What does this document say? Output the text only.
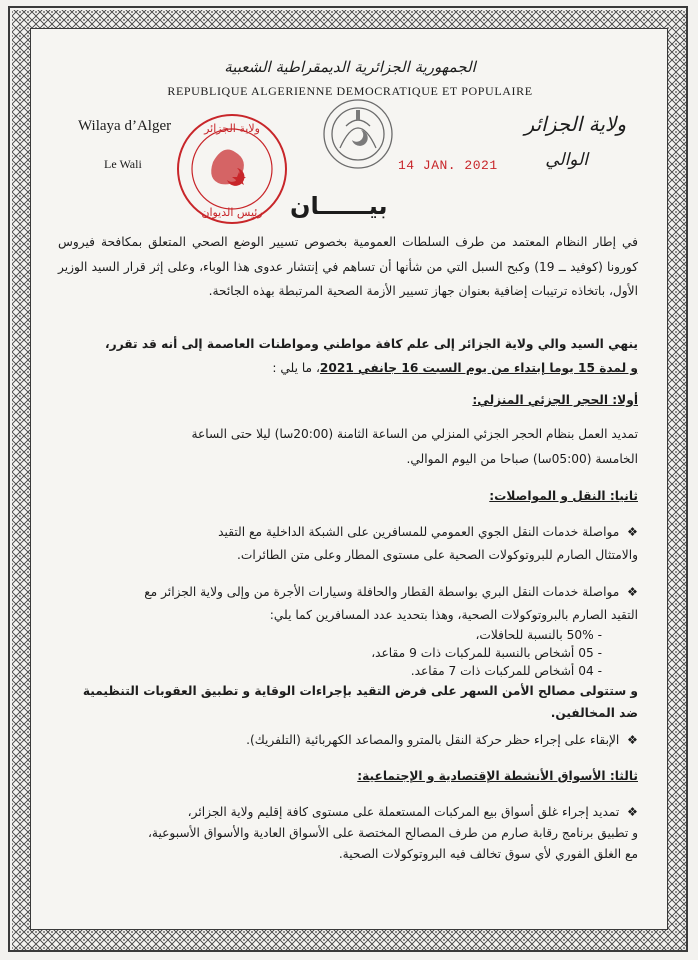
الجمهورية الجزائرية الديمقراطية الشعبية
REPUBLIQUE ALGERIENNE DEMOCRATIQUE ET POPULAIRE
Wilaya d’Alger
Le Wali
ولاية الجزائر
الوالي
ولاية الجزائر
رئيس الديوان
14 JAN. 2021
بيــــــان
في إطار النظام المعتمد من طرف السلطات العمومية بخصوص تسيير الوضع الصحي المتعلق بمكافحة فيروس كورونا (كوفيد ــ 19) وكبح السبل التي من شأنها أن تساهم في إنتشار عدوى هذا الوباء، وعلى إثر قرار السيد الوزير الأول، باتخاذه ترتيبات إضافية بعنوان جهاز تسيير الأزمة الصحية المرتبطة بهذه الجائحة.
ينهي السيد والي ولاية الجزائر إلى علم كافة مواطني ومواطنات العاصمة إلى أنه قد تقرر،
و لمدة 15 يوما إبتداء من يوم السبت 16 جانفي 2021، ما يلي :
أولا: الحجر الجزئي المنزلي:
تمديد العمل بنظام الحجر الجزئي المنزلي من الساعة الثامنة (20:00سا) ليلا حتى الساعة
الخامسة (05:00سا) صباحا من اليوم الموالي.
ثانيا: النقل و المواصلات:
❖  مواصلة خدمات النقل الجوي العمومي للمسافرين على الشبكة الداخلية مع التقيد
والامتثال الصارم للبروتوكولات الصحية على مستوى المطار وعلى متن الطائرات.
❖  مواصلة خدمات النقل البري بواسطة القطار والحافلة وسيارات الأجرة من وإلى ولاية الجزائر مع
التقيد الصارم بالبروتوكولات الصحية، وهذا بتحديد عدد المسافرين كما يلي:
- 50% بالنسبة للحافلات،
- 05 أشخاص بالنسبة للمركبات ذات 9 مقاعد،
- 04 أشخاص للمركبات ذات 7 مقاعد.
و ستتولى مصالح الأمن السهر على فرض التقيد بإجراءات الوقاية و تطبيق العقوبات التنظيمية
ضد المخالفين.
❖  الإبقاء على إجراء حظر حركة النقل بالمترو والمصاعد الكهربائية (التلفريك).
ثالثا: الأسواق الأنشطة الإقتصادية و الإجتماعية:
❖  تمديد إجراء غلق أسواق بيع المركبات المستعملة على مستوى كافة إقليم ولاية الجزائر،
و تطبيق برنامج رقابة صارم من طرف المصالح المختصة على الأسواق العادية والأسواق الأسبوعية،
مع الغلق الفوري لأي سوق تخالف فيه البروتوكولات الصحية.
